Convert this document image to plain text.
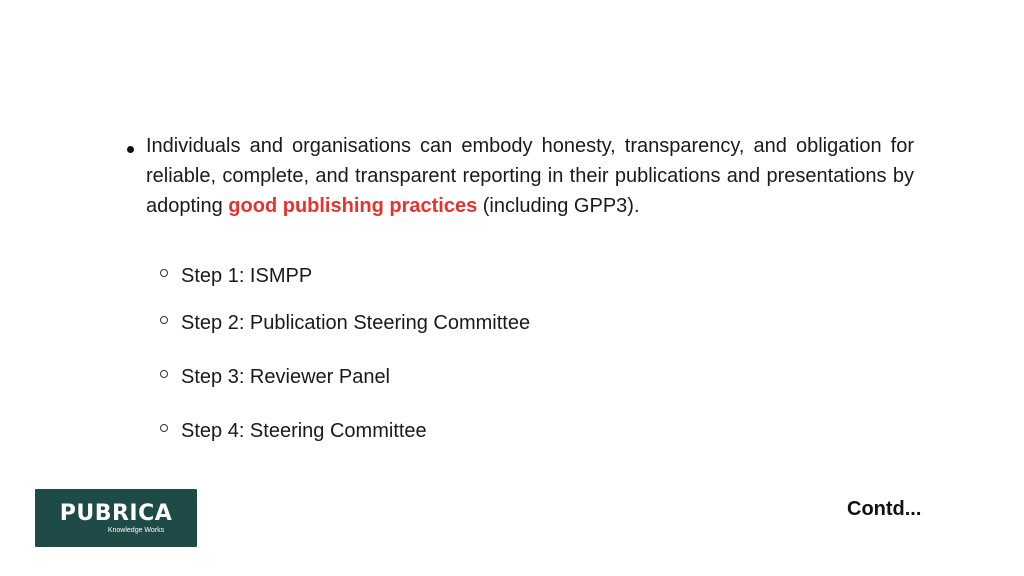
Individuals and organisations can embody honesty, transparency, and obligation for reliable, complete, and transparent reporting in their publications and presentations by adopting good publishing practices (including GPP3).

Step 1: ISMPP
Step 2: Publication Steering Committee
Step 3: Reviewer Panel
Step 4: Steering Committee
PUBRICA
Knowledge Works
Contd...
